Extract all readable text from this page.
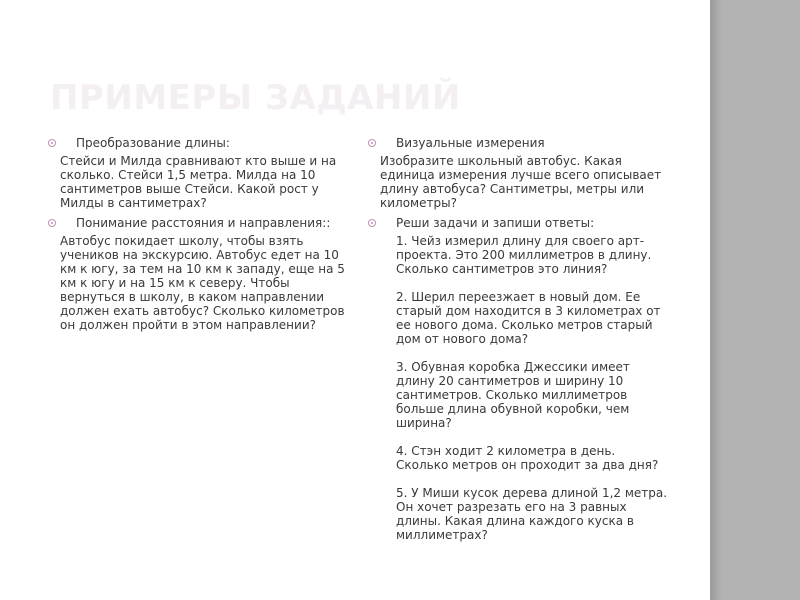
ПРИМЕРЫ ЗАДАНИЙ
Преобразование длины:
Стейси и Милда сравнивают кто выше и на сколько. Стейси 1,5 метра. Милда на 10 сантиметров выше Стейси. Какой рост у Милды в сантиметрах?
Понимание расстояния и направления::
Автобус покидает школу, чтобы взять учеников на экскурсию. Автобус едет на 10 км к югу, за тем на 10 км к западу, еще на 5 км к югу и на 15 км к северу. Чтобы вернуться в школу, в каком направлении должен ехать автобус? Сколько километров он должен пройти в этом направлении?
Визуальные измерения
Изобразите школьный автобус. Какая единица измерения лучше всего описывает длину автобуса? Сантиметры, метры или километры?
Реши задачи и запиши ответы:
1. Чейз измерил длину для своего арт-проекта. Это 200 миллиметров в длину. Сколько сантиметров это линия?
2. Шерил переезжает в новый дом. Ее старый дом находится в 3 километрах от ее нового дома. Сколько метров старый дом от нового дома?
3. Обувная коробка Джессики имеет длину 20 сантиметров и ширину 10 сантиметров. Сколько миллиметров больше длина обувной коробки, чем ширина?
4. Стэн ходит 2 километра в день. Сколько метров он проходит за два дня?
5. У Миши кусок дерева длиной 1,2 метра. Он хочет разрезать его на 3 равных длины. Какая длина каждого куска в миллиметрах?
